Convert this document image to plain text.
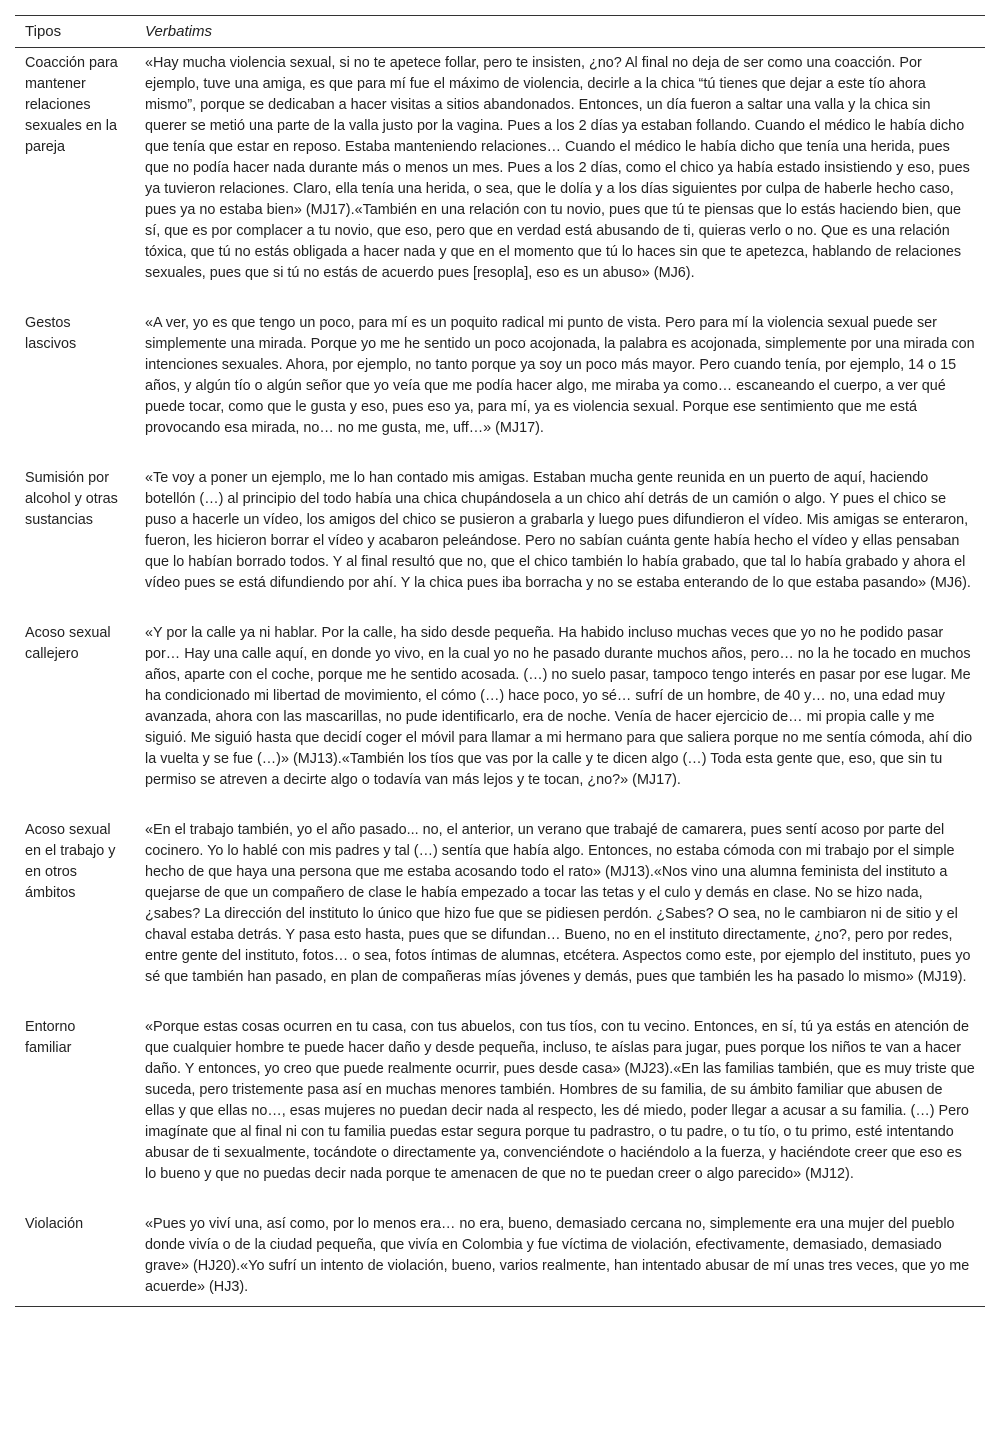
Tipos	Verbatims
Coacción para mantener relaciones sexuales en la pareja	«Hay mucha violencia sexual, si no te apetece follar, pero te insisten, ¿no? Al final no deja de ser como una coacción. Por ejemplo, tuve una amiga, es que para mí fue el máximo de violencia, decirle a la chica “tú tienes que dejar a este tío ahora mismo”, porque se dedicaban a hacer visitas a sitios abandonados. Entonces, un día fueron a saltar una valla y la chica sin querer se metió una parte de la valla justo por la vagina. Pues a los 2 días ya estaban follando. Cuando el médico le había dicho que tenía que estar en reposo. Estaba manteniendo relaciones… Cuando el médico le había dicho que tenía una herida, pues que no podía hacer nada durante más o menos un mes. Pues a los 2 días, como el chico ya había estado insistiendo y eso, pues ya tuvieron relaciones. Claro, ella tenía una herida, o sea, que le dolía y a los días siguientes por culpa de haberle hecho caso, pues ya no estaba bien» (MJ17).«También en una relación con tu novio, pues que tú te piensas que lo estás haciendo bien, que sí, que es por complacer a tu novio, que eso, pero que en verdad está abusando de ti, quieras verlo o no. Que es una relación tóxica, que tú no estás obligada a hacer nada y que en el momento que tú lo haces sin que te apetezca, hablando de relaciones sexuales, pues que si tú no estás de acuerdo pues [resopla], eso es un abuso» (MJ6).
Gestos lascivos	«A ver, yo es que tengo un poco, para mí es un poquito radical mi punto de vista. Pero para mí la violencia sexual puede ser simplemente una mirada. Porque yo me he sentido un poco acojonada, la palabra es acojonada, simplemente por una mirada con intenciones sexuales. Ahora, por ejemplo, no tanto porque ya soy un poco más mayor. Pero cuando tenía, por ejemplo, 14 o 15 años, y algún tío o algún señor que yo veía que me podía hacer algo, me miraba ya como… escaneando el cuerpo, a ver qué puede tocar, como que le gusta y eso, pues eso ya, para mí, ya es violencia sexual. Porque ese sentimiento que me está provocando esa mirada, no… no me gusta, me, uff…» (MJ17).
Sumisión por alcohol y otras sustancias	«Te voy a poner un ejemplo, me lo han contado mis amigas. Estaban mucha gente reunida en un puerto de aquí, haciendo botellón (…) al principio del todo había una chica chupándosela a un chico ahí detrás de un camión o algo. Y pues el chico se puso a hacerle un vídeo, los amigos del chico se pusieron a grabarla y luego pues difundieron el vídeo. Mis amigas se enteraron, fueron, les hicieron borrar el vídeo y acabaron peleándose. Pero no sabían cuánta gente había hecho el vídeo y ellas pensaban que lo habían borrado todos. Y al final resultó que no, que el chico también lo había grabado, que tal lo había grabado y ahora el vídeo pues se está difundiendo por ahí. Y la chica pues iba borracha y no se estaba enterando de lo que estaba pasando» (MJ6).
Acoso sexual callejero	«Y por la calle ya ni hablar. Por la calle, ha sido desde pequeña. Ha habido incluso muchas veces que yo no he podido pasar por… Hay una calle aquí, en donde yo vivo, en la cual yo no he pasado durante muchos años, pero… no la he tocado en muchos años, aparte con el coche, porque me he sentido acosada. (…) no suelo pasar, tampoco tengo interés en pasar por ese lugar. Me ha condicionado mi libertad de movimiento, el cómo (…) hace poco, yo sé… sufrí de un hombre, de 40 y… no, una edad muy avanzada, ahora con las mascarillas, no pude identificarlo, era de noche. Venía de hacer ejercicio de… mi propia calle y me siguió. Me siguió hasta que decidí coger el móvil para llamar a mi hermano para que saliera porque no me sentía cómoda, ahí dio la vuelta y se fue (…)» (MJ13).«También los tíos que vas por la calle y te dicen algo (…) Toda esta gente que, eso, que sin tu permiso se atreven a decirte algo o todavía van más lejos y te tocan, ¿no?» (MJ17).
Acoso sexual en el trabajo y en otros ámbitos	«En el trabajo también, yo el año pasado... no, el anterior, un verano que trabajé de camarera, pues sentí acoso por parte del cocinero. Yo lo hablé con mis padres y tal (…) sentía que había algo. Entonces, no estaba cómoda con mi trabajo por el simple hecho de que haya una persona que me estaba acosando todo el rato» (MJ13).«Nos vino una alumna feminista del instituto a quejarse de que un compañero de clase le había empezado a tocar las tetas y el culo y demás en clase. No se hizo nada, ¿sabes? La dirección del instituto lo único que hizo fue que se pidiesen perdón. ¿Sabes? O sea, no le cambiaron ni de sitio y el chaval estaba detrás. Y pasa esto hasta, pues que se difundan… Bueno, no en el instituto directamente, ¿no?, pero por redes, entre gente del instituto, fotos… o sea, fotos íntimas de alumnas, etcétera. Aspectos como este, por ejemplo del instituto, pues yo sé que también han pasado, en plan de compañeras mías jóvenes y demás, pues que también les ha pasado lo mismo» (MJ19).
Entorno familiar	«Porque estas cosas ocurren en tu casa, con tus abuelos, con tus tíos, con tu vecino. Entonces, en sí, tú ya estás en atención de que cualquier hombre te puede hacer daño y desde pequeña, incluso, te aíslas para jugar, pues porque los niños te van a hacer daño. Y entonces, yo creo que puede realmente ocurrir, pues desde casa» (MJ23).«En las familias también, que es muy triste que suceda, pero tristemente pasa así en muchas menores también. Hombres de su familia, de su ámbito familiar que abusen de ellas y que ellas no…, esas mujeres no puedan decir nada al respecto, les dé miedo, poder llegar a acusar a su familia. (…) Pero imagínate que al final ni con tu familia puedas estar segura porque tu padrastro, o tu padre, o tu tío, o tu primo, esté intentando abusar de ti sexualmente, tocándote o directamente ya, convenciéndote o haciéndolo a la fuerza, y haciéndote creer que eso es lo bueno y que no puedas decir nada porque te amenacen de que no te puedan creer o algo parecido» (MJ12).
Violación	«Pues yo viví una, así como, por lo menos era… no era, bueno, demasiado cercana no, simplemente era una mujer del pueblo donde vivía o de la ciudad pequeña, que vivía en Colombia y fue víctima de violación, efectivamente, demasiado, demasiado grave» (HJ20).«Yo sufrí un intento de violación, bueno, varios realmente, han intentado abusar de mí unas tres veces, que yo me acuerde» (HJ3).
